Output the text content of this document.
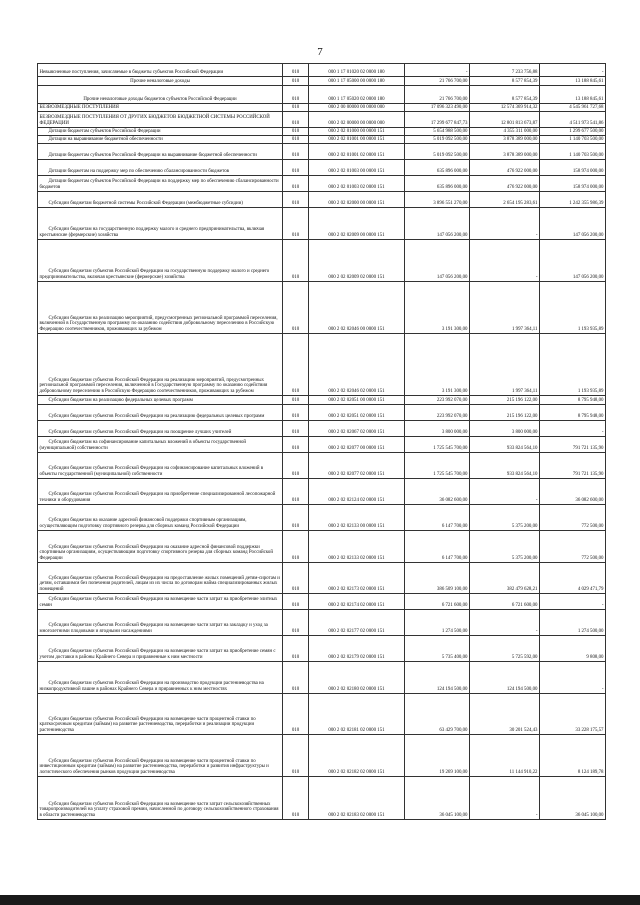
7
Невыясненные поступления, зачисляемые в бюджеты субъектов Российской Федерации	010	000 1 17 01020 02 0000 180	-	7 233 756,88	-
Прочие неналоговые доходы	010	000 1 17 05000 00 0000 180	21 766 700,00	8 577 854,39	13 188 845,61
Прочие неналоговые доходы бюджетов субъектов Российской Федерации	010	000 1 17 05020 02 0000 180	21 766 700,00	8 577 854,39	13 188 845,61
БЕЗВОЗМЕЗДНЫЕ ПОСТУПЛЕНИЯ	010	000 2 00 00000 00 0000 000	17 096 323 490,00	12 574 369 914,32	4 545 961 727,68
БЕЗВОЗМЕЗДНЫЕ ПОСТУПЛЕНИЯ ОТ ДРУГИХ БЮДЖЕТОВ БЮДЖЕТНОЙ СИСТЕМЫ РОССИЙСКОЙ ФЕДЕРАЦИИ	010	000 2 02 00000 00 0000 000	17 299 677 847,73	12 801 813 673,87	4 511 973 541,86
Дотации бюджетам субъектов Российской Федерации	010	000 2 02 01000 00 0000 151	5 654 988 500,00	4 355 311 000,00	1 299 677 500,00
Дотации на выравнивание бюджетной обеспеченности	010	000 2 02 01001 00 0000 151	5 019 092 500,00	3 878 389 000,00	1 140 703 500,00
Дотации бюджетам субъектов Российской Федерации на выравнивание бюджетной обеспеченности	010	000 2 02 01001 02 0000 151	5 019 092 500,00	3 878 389 000,00	1 140 703 500,00
Дотации бюджетам на поддержку мер по обеспечению сбалансированности бюджетов	010	000 2 02 01003 00 0000 151	635 896 000,00	476 922 000,00	158 974 000,00
Дотации бюджетам субъектов Российской Федерации на поддержку мер по обеспечению сбалансированности бюджетов	010	000 2 02 01003 02 0000 151	635 896 000,00	476 922 000,00	158 974 000,00
Субсидии бюджетам бюджетной системы Российской Федерации (межбюджетные субсидии)	010	000 2 02 02000 00 0000 151	3 896 551 270,00	2 654 195 283,61	1 242 355 986,39
Субсидии бюджетам на государственную поддержку малого и среднего предпринимательства, включая крестьянские (фермерские) хозяйства	010	000 2 02 02009 00 0000 151	147 056 200,00	-	147 056 200,00
Субсидии бюджетам субъектов Российской Федерации на государственную поддержку малого и среднего предпринимательства, включая крестьянские (фермерские) хозяйства	010	000 2 02 02009 02 0000 151	147 056 200,00	-	147 056 200,00
Субсидии бюджетам на реализацию мероприятий, предусмотренных региональной программой переселения, включенной в Государственную программу по оказанию содействия добровольному переселению в Российскую Федерацию соотечественников, проживающих за рубежом	010	000 2 02 02046 00 0000 151	3 191 300,00	1 997 364,11	1 193 935,89
Субсидии бюджетам субъектов Российской Федерации на реализацию мероприятий, предусмотренных региональной программой переселения, включенной в Государственную программу по оказанию содействия добровольному переселению в Российскую Федерацию соотечественников, проживающих за рубежом	010	000 2 02 02046 02 0000 151	3 191 300,00	1 997 364,11	1 193 935,89
Субсидии бюджетам на реализацию федеральных целевых программ	010	000 2 02 02051 00 0000 151	223 992 070,00	215 196 122,00	8 795 948,00
Субсидии бюджетам субъектов Российской Федерации на реализацию федеральных целевых программ	010	000 2 02 02051 02 0000 151	223 992 070,00	215 196 122,00	8 795 948,00
Субсидии бюджетам субъектов Российской Федерации на поощрение лучших учителей	010	000 2 02 02067 02 0000 151	3 800 000,00	3 800 000,00	-
Субсидии бюджетам на софинансирование капитальных вложений в объекты государственной (муниципальной) собственности	010	000 2 02 02077 00 0000 151	1 725 545 700,00	933 824 564,10	791 721 135,90
Субсидии бюджетам субъектов Российской Федерации на софинансирование капитальных вложений в объекты государственной (муниципальной) собственности	010	000 2 02 02077 02 0000 151	1 725 545 700,00	933 824 564,10	791 721 135,90
Субсидии бюджетам субъектов Российской Федерации на приобретение специализированной лесопожарной техники и оборудования	010	000 2 02 02124 02 0000 151	36 082 600,00	-	36 082 600,00
Субсидии бюджетам на оказание адресной финансовой поддержки спортивным организациям, осуществляющим подготовку спортивного резерва для сборных команд Российской Федерации	010	000 2 02 02133 00 0000 151	6 147 700,00	5 375 200,00	772 500,00
Субсидии бюджетам субъектов Российской Федерации на оказание адресной финансовой поддержки спортивным организациям, осуществляющим подготовку спортивного резерва для сборных команд Российской Федерации	010	000 2 02 02133 02 0000 151	6 147 700,00	5 375 200,00	772 500,00
Субсидии бюджетам субъектов Российской Федерации на предоставление жилых помещений детям-сиротам и детям, оставшимся без попечения родителей, лицам из их числа по договорам найма специализированных жилых помещений	010	000 2 02 02173 02 0000 151	386 509 100,00	382 479 628,21	4 029 471,79
Субсидии бюджетам субъектов Российской Федерации на возмещение части затрат на приобретение элитных семян	010	000 2 02 02174 02 0000 151	6 721 600,00	6 721 600,00	-
Субсидии бюджетам субъектов Российской Федерации на возмещение части затрат на закладку и уход за многолетними плодовыми и ягодными насаждениями	010	000 2 02 02177 02 0000 151	1 274 500,00	-	1 274 500,00
Субсидии бюджетам субъектов Российской Федерации на возмещение части затрат на приобретение семян с учетом доставки в районы Крайнего Севера и приравненные к ним местности	010	000 2 02 02179 02 0000 151	5 735 400,00	5 725 592,00	9 808,00
Субсидии бюджетам субъектов Российской Федерации на производство продукции растениеводства на низкопродуктивной пашне в районах Крайнего Севера и приравненных к ним местностях	010	000 2 02 02180 02 0000 151	124 194 500,00	124 194 500,00	-
Субсидии бюджетам субъектов Российской Федерации на возмещение части процентной ставки по краткосрочным кредитам (займам) на развитие растениеводства, переработки и реализации продукции растениеводства	010	000 2 02 02181 02 0000 151	63 429 700,00	30 201 524,43	33 228 175,57
Субсидии бюджетам субъектов Российской Федерации на возмещение части процентной ставки по инвестиционным кредитам (займам) на развитие растениеводства, переработки и развития инфраструктуры и логистического обеспечения рынков продукции растениеводства	010	000 2 02 02182 02 0000 151	19 269 100,00	11 144 910,22	8 124 189,78
Субсидии бюджетам субъектов Российской Федерации на возмещение части затрат сельскохозяйственных товаропроизводителей на уплату страховой премии, начисленной по договору сельскохозяйственного страхования в области растениеводства	010	000 2 02 02183 02 0000 151	36 045 100,00	-	36 045 100,00
